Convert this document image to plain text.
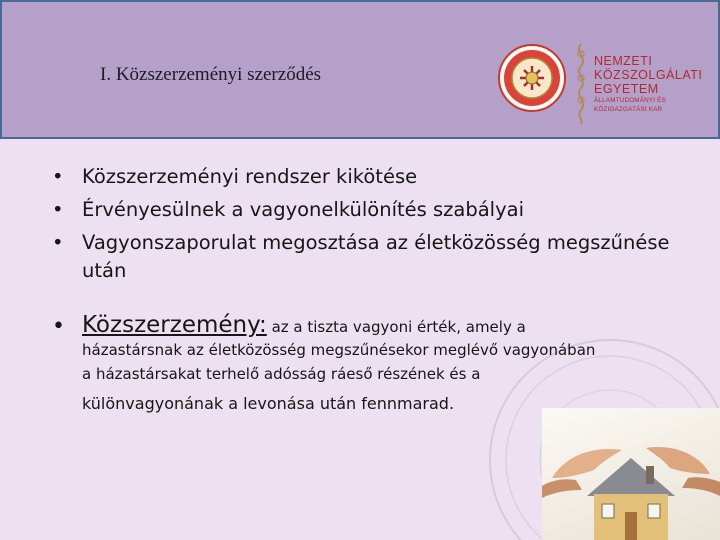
I. Közszerzeményi szerződés
NEMZETI
KÖZSZOLGÁLATI
EGYETEM
ÁLLAMTUDOMÁNYI ÉS
KÖZIGAZGATÁSI KAR
• Közszerzeményi rendszer kikötése
• Érvényesülnek a vagyonelkülönítés szabályai
• Vagyonszaporulat megosztása az életközösség megszűnése után
• Közszerzemény: az a tiszta vagyoni érték, amely a
házastársnak az életközösség megszűnésekor meglévő vagyonában
a házastársakat terhelő adósság ráeső részének és a
különvagyonának a levonása után fennmarad.
